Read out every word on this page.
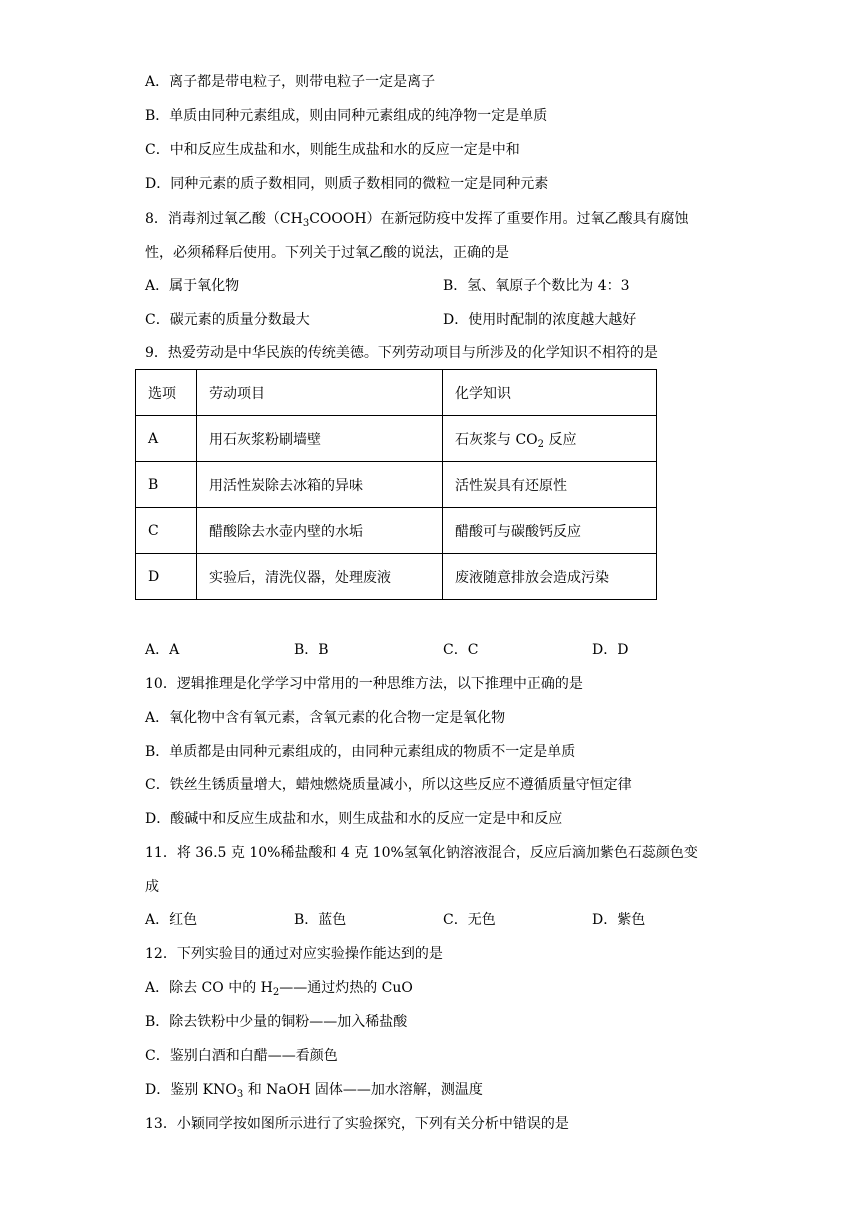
A．离子都是带电粒子，则带电粒子一定是离子
B．单质由同种元素组成，则由同种元素组成的纯净物一定是单质
C．中和反应生成盐和水，则能生成盐和水的反应一定是中和
D．同种元素的质子数相同，则质子数相同的微粒一定是同种元素
8．消毒剂过氧乙酸$(CH_3COOOH)$在新冠防疫中发挥了重要作用。过氧乙酸具有腐蚀
性，必须稀释后使用。下列关于过氧乙酸的说法，正确的是
A．属于氧化物	B．氢、氧原子个数比为 4：3
C．碳元素的质量分数最大	D．使用时配制的浓度越大越好
9．热爱劳动是中华民族的传统美德。下列劳动项目与所涉及的化学知识不相符的是
选项	劳动项目	化学知识
A	用石灰浆粉刷墙壁	石灰浆与 $CO_2$ 反应
B	用活性炭除去冰箱的异味	活性炭具有还原性
C	醋酸除去水壶内壁的水垢	醋酸可与碳酸钙反应
D	实验后，清洗仪器，处理废液	废液随意排放会造成污染
A．A	B．B	C．C	D．D
10．逻辑推理是化学学习中常用的一种思维方法，以下推理中正确的是
A．氧化物中含有氧元素，含氧元素的化合物一定是氧化物
B．单质都是由同种元素组成的，由同种元素组成的物质不一定是单质
C．铁丝生锈质量增大，蜡烛燃烧质量减小，所以这些反应不遵循质量守恒定律
D．酸碱中和反应生成盐和水，则生成盐和水的反应一定是中和反应
11．将 36.5 克 10%稀盐酸和 4 克 10%氢氧化钠溶液混合，反应后滴加紫色石蕊颜色变
成
A．红色	B．蓝色	C．无色	D．紫色
12．下列实验目的通过对应实验操作能达到的是
A．除去 CO 中的 $H_2——$通过灼热的 CuO
B．除去铁粉中少量的铜粉——加入稀盐酸
C．鉴别白酒和白醋——看颜色
D．鉴别 $KNO_3$ 和 NaOH 固体——加水溶解，测温度
13．小颖同学按如图所示进行了实验探究，下列有关分析中错误的是
